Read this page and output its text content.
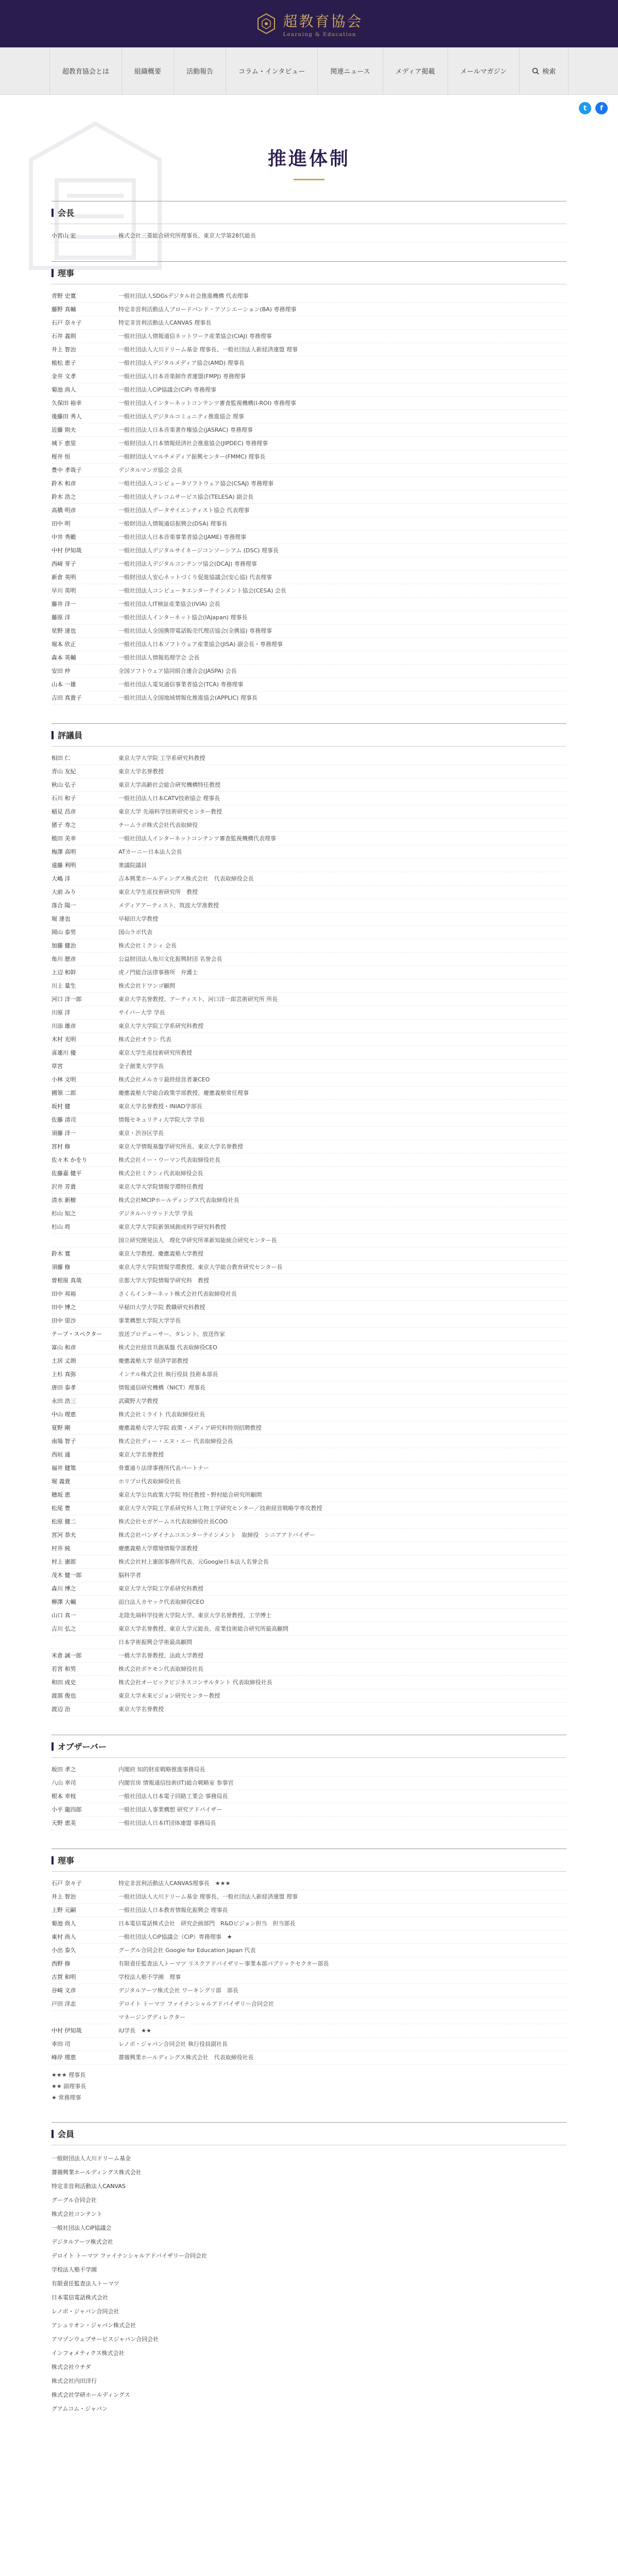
超教育協会
Learning & Education
超教育協会とは	組織概要	活動報告	コラム・インタビュー	関連ニュース	メディア掲載	メールマガジン	検索
t	f
推進体制
会長
小宮山 宏	株式会社三菱総合研究所理事長、東京大学第28代総長
理事
青野 史寛	一般社団法人SDGsデジタル社会推進機構 代表理事
藤野 真輔	特定非営利活動法人ブロードバンド・アソシエーション(BA) 専務理事
石戸 奈々子	特定非営利活動法人CANVAS 理事長
石井 義則	一般社団法人情報通信ネットワーク産業協会(CIAJ) 専務理事
井上 智治	一般社団法人大川ドリーム基金 理事長、一般社団法人新経済連盟 理事
植松 恵子	一般社団法人デジタルメディア協会(AMD) 理事長
金井 文孝	一般社団法人日本音楽制作者連盟(FMPJ) 専務理事
菊池 尚人	一般社団法人CiP協議会(CiP) 専務理事
久保田 裕幸	一般社団法人インターネットコンテンツ審査監視機構(I-ROI) 専務理事
後藤田 秀人	一般社団法人デジタルコミュニティ推進協会 理事
近藤 則夫	一般社団法人日本音楽著作権協会(JASRAC) 専務理事
城下 恵里	一般財団法人日本情報経済社会推進協会(JIPDEC) 専務理事
桜井 恒	一般財団法人マルチメディア振興センター(FMMC) 理事長
豊中 孝哉子	デジタルマンガ協会 会長
鈴木 和彦	一般社団法人コンピュータソフトウェア協会(CSAJ) 専務理事
鈴木 浩之	一般社団法人テレコムサービス協会(TELESA) 副会長
高橋 明彦	一般社団法人データサイエンティスト協会 代表理事
田中 明	一般財団法人情報通信振興会(DSA) 理事長
中井 秀範	一般社団法人日本音楽事業者協会(JAME) 専務理事
中村 伊知哉	一般社団法人デジタルサイネージコンソーシアム (DSC) 理事長
西﨑 芽子	一般社団法人デジタルコンテンツ協会(DCAJ) 専務理事
新倉 英明	一般財団法人安心ネットづくり促進協議会(安心協) 代表理事
早川 英明	一般社団法人コンピュータエンターテインメント協会(CESA) 会長
藤井 洋一	一般社団法人IT検証産業協会(IVIA) 会長
藤原 洋	一般社団法人インターネット協会(IAjapan) 理事長
星野 達也	一般社団法人全国携帯電話販売代理店協会(全携協) 専務理事
堀本 欣正	一般社団法人日本ソフトウェア産業協会(JISA) 副会長・専務理事
森本 英輔	一般社団法人情報処理学会 会長
安田 仲	全国ソフトウェア協同組合連合会(JASPA) 会長
山本 一雄	一般社団法人電気通信事業者協会(TCA) 専務理事
吉田 真貴子	一般社団法人全国地域情報化推進協会(APPLIC) 理事長
評議員
相田 仁	東京大学大学院 工学系研究科教授
青山 友紀	東京大学名誉教授
秋山 弘子	東京大学高齢社会総合研究機構特任教授
石川 和子	一般社団法人日本CATV技術協会 理事長
稲見 昌彦	東京大学 先端科学技術研究センター教授
猪子 寿之	チームラボ株式会社代表取締役
植田 美幸	一般社団法人インターネットコンテンツ審査監視機構代表理事
梅澤 高明	ATカーニー日本法人会長
遠藤 利明	衆議院議員
大嶋 洋	吉本興業ホールディングス株式会社　代表取締役会長
大前 みり	東京大学生産技術研究所　教授
落合 陽一	メディアアーティスト、筑波大学准教授
堀 達也	早稲田大学教授
岡山 泰男	国山ラボ代表
加藤 健治	株式会社ミクシィ 会長
角川 歴彦	公益財団法人角川文化振興財団 名誉会長
上辺 和幹	虎ノ門総合法律事務所　弁護士
川上 量生	株式会社ドワンゴ顧問
河口 洋一郎	東京大学名誉教授、アーティスト、河口洋一郎芸術研究所 所長
川原 洋	サイバー大学 学長
川添 雄彦	東京大学大学院工学系研究科教授
木村 光明	株式会社オラシ 代表
喜連川 優	東京大学生産技術研究所教授
草宮	金子創業大学学長
小林 文明	株式会社メルカリ最終経営者兼CEO
國領 二郎	慶應義塾大学総合政策学部教授、慶應義塾常任理事
坂村 健	東京大学名誉教授・INIAD学部長
佐藤 清司	情報セキュリティ大学院大学 学長
須藤 洋一	東京・渋谷区学長
宮村 修	東京大学情報基盤学研究所長、東京大学名誉教授
佐々木 かをり	株式会社イー・ウーマン代表取締役社長
佐藤嘉 健平	株式会社ミクシィ代表取締役会長
沢井 芳貴	東京大学大学院情報学環特任教授
清水 新樹	株式会社MCIPホールディングス代表取締役社長
杉山 知之	デジタルハリウッド大学 学長
杉山 将	東京大学大学院新領域創成科学研究科教授
国立研究開発法人　理化学研究所革新知能統合研究センター長
鈴木 寛	東京大学教授、慶應義塾大学教授
須藤 修	東京大学大学院情報学環教授、東京大学総合教育研究センター長
曽根原 真哉	京都大学大学院情報学研究科　教授
田中 邦裕	さくらインターネット株式会社代表取締役社長
田中 博之	早稲田大学大学院 教職研究科教授
田中 里沙	事業構想大学院大学学長
テーブ・スペクター	放送プロデューサー、タレント、放送作家
富山 和彦	株式会社経営共創基盤 代表取締役CEO
土居 丈朗	慶應義塾大学 経済学部教授
上杉 真弥	インテル株式会社 執行役員 技術本部長
唐田 泰孝	情報通信研究機構（NICT）理事長
永田 浩三	武蔵野大学教授
中山 理恵	株式会社ミライト 代表取締役社長
夏野 剛	慶應義塾大学大学院 政策・メディア研究科特別招聘教授
南場 智子	株式会社ディー・エヌ・エー 代表取締役会長
西垣 通	東京大学名誉教授
福井 健策	骨董通り法律事務所代表パートナー
堀 義貴	ホリプロ代表取締役社長
穂坂 恵	東京大学公共政策大学院 特任教授・野村総合研究所顧問
松尾 豊	東京大学大学院工学系研究科人工物工学研究センター／技術経営戦略学専攻教授
松原 健二	株式会社セガゲームス代表取締役社長COO
宮河 恭夫	株式会社バンダイナムコエンターテインメント　取締役　シニアアドバイザー
村井 純	慶應義塾大学環境情報学部教授
村上 憲郎	株式会社村上憲郎事務所代表、元Google日本法人名誉会長
茂木 健一郎	脳科学者
森川 博之	東京大学大学院工学系研究科教授
柳澤 大輔	面白法人カヤック代表取締役CEO
山口 真一	北陸先端科学技術大学院大学、東京大学名誉教授、工学博士
吉川 弘之	東京大学名誉教授、東京大学元総長、産業技術総合研究所最高顧問
日本学術振興会学術最高顧問
米倉 誠一郎	一橋大学名誉教授、法政大学教授
若宮 和男	株式会社ポケモン代表取締役社長
和田 成史	株式会社オービックビジネスコンサルタント 代表取締役社長
渡部 俊也	東京大学未来ビジョン研究センター教授
渡辺 治	東京大学名誉教授
オブザーバー
坂田 孝之	内閣府 知的財産戦略推進事務局長
八山 幸司	内閣官房 情報通信技術(IT)総合戦略室 参事官
根本 幸枝	一般社団法人日本電子回路工業会 事務局長
小平 龍四郎	一般社団法人事業構想 研究アドバイザー
天野 恵美	一般社団法人日本IT団体連盟 事務局長
理事
石戸 奈々子	特定非営利活動法人CANVAS理事長　★★★
井上 智治	一般社団法人大川ドリーム基金 理事長、一般社団法人新経済連盟 理事
上野 元嗣	一般社団法人日本教育情報化振興会 理事長
菊池 尚人	日本電信電話株式会社　研究企画部門　R&Dビジョン担当　担当部長
東村 尚人	一般社団法人CiP協議会（CiP）専務理事　★
小出 泰久	グーグル合同会社 Google for Education Japan 代表
西野 修	有限責任監査法人トーマツ リスクアドバイザリー事業本部パブリックセクター部長
古賀 和明	学校法人塾不学園　理事
谷崎 文彦	デジタルアーツ株式会社 ワーキングリ部　部長
戸田 洋志	デロイト トーマツ ファイナンシャルアドバイザリー合同会社
マネージングディレクター
中村 伊知哉	iU学長　★★
幸田 司	レノボ・ジャパン合同会社 執行役員副社長
峰岸 理恵	薔薇興業ホールディングス株式会社　代表取締役社長
★★★ 理事長
★★ 副理事長
★ 常務理事
会員
一般財団法人大川ドリーム基金
薔薇興業ホールディングス株式会社
特定非営利活動法人CANVAS
グーグル合同会社
株式会社コンテント
一般社団法人CiP協議会
デジタルアーツ株式会社
デロイト トーマツ ファイナンシャルアドバイザリー合同会社
学校法人塾不学園
有限責任監査法人トーマツ
日本電信電話株式会社
レノボ・ジャパン合同会社
アシュリオン・ジャパン株式会社
アマゾンウェブサービスジャパン合同会社
インフォメティクス株式会社
株式会社ウチダ
株式会社内田洋行
株式会社学研ホールディングス
グアムコム・ジャパン
